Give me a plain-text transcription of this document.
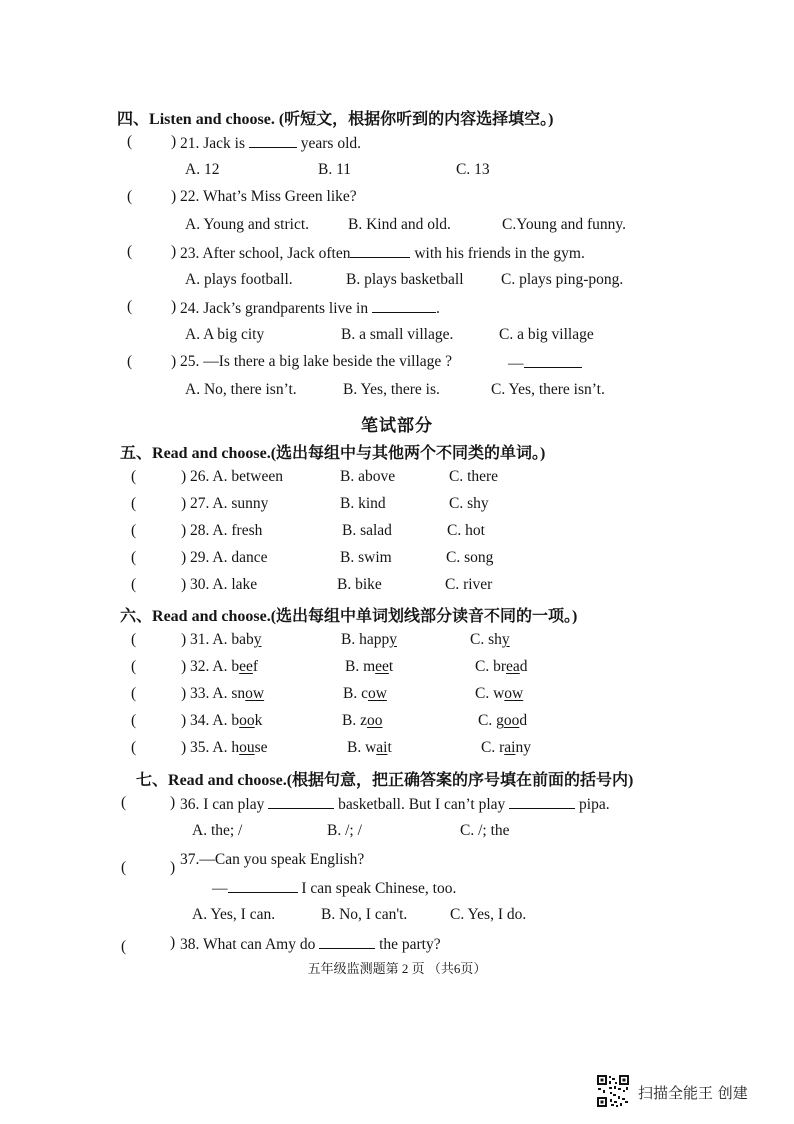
四、Listen and choose. (听短文，根据你听到的内容选择填空。)
(	) 21. Jack is	years old.
A. 12	B. 11	C. 13
(	) 22. What’s Miss Green like?
A. Young and strict.	B. Kind and old.	C.Young and funny.
(	) 23. After school, Jack often	with his friends in the gym.
A. plays football.	B. plays basketball C. plays ping-pong.
(	) 24. Jack’s grandparents live in	.
A. A big city	B. a small village.	C. a big village
(	) 25. —Is there a big lake beside the village ?	—
A. No, there isn’t.	B. Yes, there is.	C. Yes, there isn’t.
笔试部分
五、Read and choose.(选出每组中与其他两个不同类的单词。)
(	) 26. A. between	B. above	C. there
(	) 27. A. sunny	B. kind	C. shy
(	) 28. A. fresh	B. salad	C. hot
(	) 29. A. dance	B. swim	C. song
(	) 30. A. lake	B. bike	C. river
六、Read and choose.(选出每组中单词划线部分读音不同的一项。)
(	) 31. A. baby	B. happy	C. shy
(	) 32. A. beef	B. meet	C. bread
(	) 33. A. snow	B. cow	C. wow
(	) 34. A. book	B. zoo	C. good
(	) 35. A. house	B. wait	C. rainy
七、Read and choose.(根据句意，把正确答案的序号填在前面的括号内)
(	) 36. I can play	basketball. But I can’t play	pipa.
A. the; /	B. /; /	C. /; the
(	) 37.—Can you speak English?
—	I can speak Chinese, too.
A. Yes, I can.	B. No, I can't.	C. Yes, I do.
(	) 38. What can Amy do	the party?
五年级监测题第 2 页 （共6页）
扫描全能王 创建
